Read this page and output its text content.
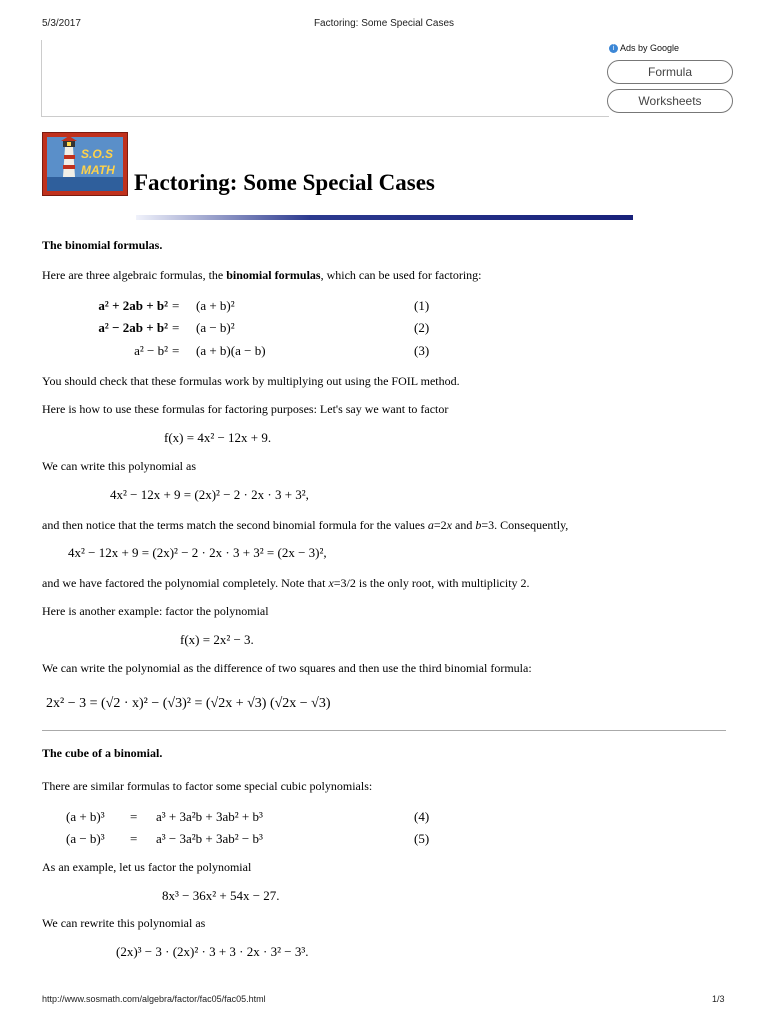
5/3/2017	Factoring: Some Special Cases
i Ads by Google
Formula
Worksheets
S.O.S
MATH Factoring: Some Special Cases
The binomial formulas.
Here are three algebraic formulas, the binomial formulas, which can be used for factoring:
a² + 2ab + b² = (a + b)²	(1)
a² − 2ab + b² = (a − b)²	(2)
a² − b² = (a + b)(a − b)	(3)
You should check that these formulas work by multiplying out using the FOIL method.
Here is how to use these formulas for factoring purposes: Let's say we want to factor
f(x) = 4x² − 12x + 9.
We can write this polynomial as
4x² − 12x + 9 = (2x)² − 2 · 2x · 3 + 3²,
and then notice that the terms match the second binomial formula for the values a=2x and b=3. Consequently,
4x² − 12x + 9 = (2x)² − 2 · 2x · 3 + 3² = (2x − 3)²,
and we have factored the polynomial completely. Note that x=3/2 is the only root, with multiplicity 2.
Here is another example: factor the polynomial
f(x) = 2x² − 3.
We can write the polynomial as the difference of two squares and then use the third binomial formula:
2x² − 3 = (√2 · x)² − (√3)² = (√2x + √3) (√2x − √3)
The cube of a binomial.
There are similar formulas to factor some special cubic polynomials:
(a + b)³ = a³ + 3a²b + 3ab² + b³	(4)
(a − b)³ = a³ − 3a²b + 3ab² − b³	(5)
As an example, let us factor the polynomial
8x³ − 36x² + 54x − 27.
We can rewrite this polynomial as
(2x)³ − 3 · (2x)² · 3 + 3 · 2x · 3² − 3³.
http://www.sosmath.com/algebra/factor/fac05/fac05.html	1/3
